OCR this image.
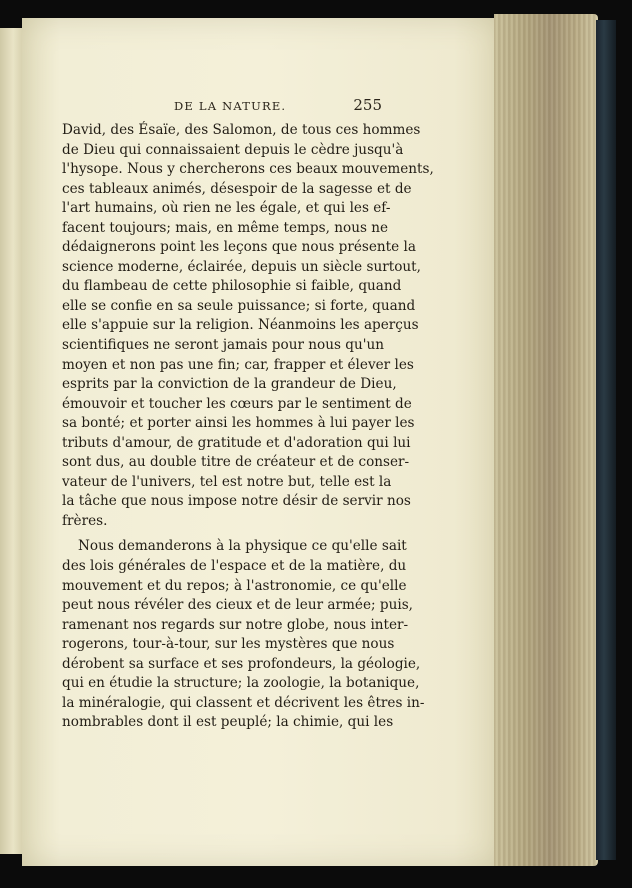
DE LA NATURE.	255
David, des Ésaïe, des Salomon, de tous ces hommes
de Dieu qui connaissaient depuis le cèdre jusqu'à
l'hysope. Nous y chercherons ces beaux mouvements,
ces tableaux animés, désespoir de la sagesse et de
l'art humains, où rien ne les égale, et qui les ef-
facent toujours; mais, en même temps, nous ne
dédaignerons point les leçons que nous présente la
science moderne, éclairée, depuis un siècle surtout,
du flambeau de cette philosophie si faible, quand
elle se confie en sa seule puissance; si forte, quand
elle s'appuie sur la religion. Néanmoins les aperçus
scientifiques ne seront jamais pour nous qu'un
moyen et non pas une fin; car, frapper et élever les
esprits par la conviction de la grandeur de Dieu,
émouvoir et toucher les cœurs par le sentiment de
sa bonté; et porter ainsi les hommes à lui payer les
tributs d'amour, de gratitude et d'adoration qui lui
sont dus, au double titre de créateur et de conser-
vateur de l'univers, tel est notre but, telle est la
la tâche que nous impose notre désir de servir nos
frères.
Nous demanderons à la physique ce qu'elle sait
des lois générales de l'espace et de la matière, du
mouvement et du repos; à l'astronomie, ce qu'elle
peut nous révéler des cieux et de leur armée; puis,
ramenant nos regards sur notre globe, nous inter-
rogerons, tour-à-tour, sur les mystères que nous
dérobent sa surface et ses profondeurs, la géologie,
qui en étudie la structure; la zoologie, la botanique,
la minéralogie, qui classent et décrivent les êtres in-
nombrables dont il est peuplé; la chimie, qui les
